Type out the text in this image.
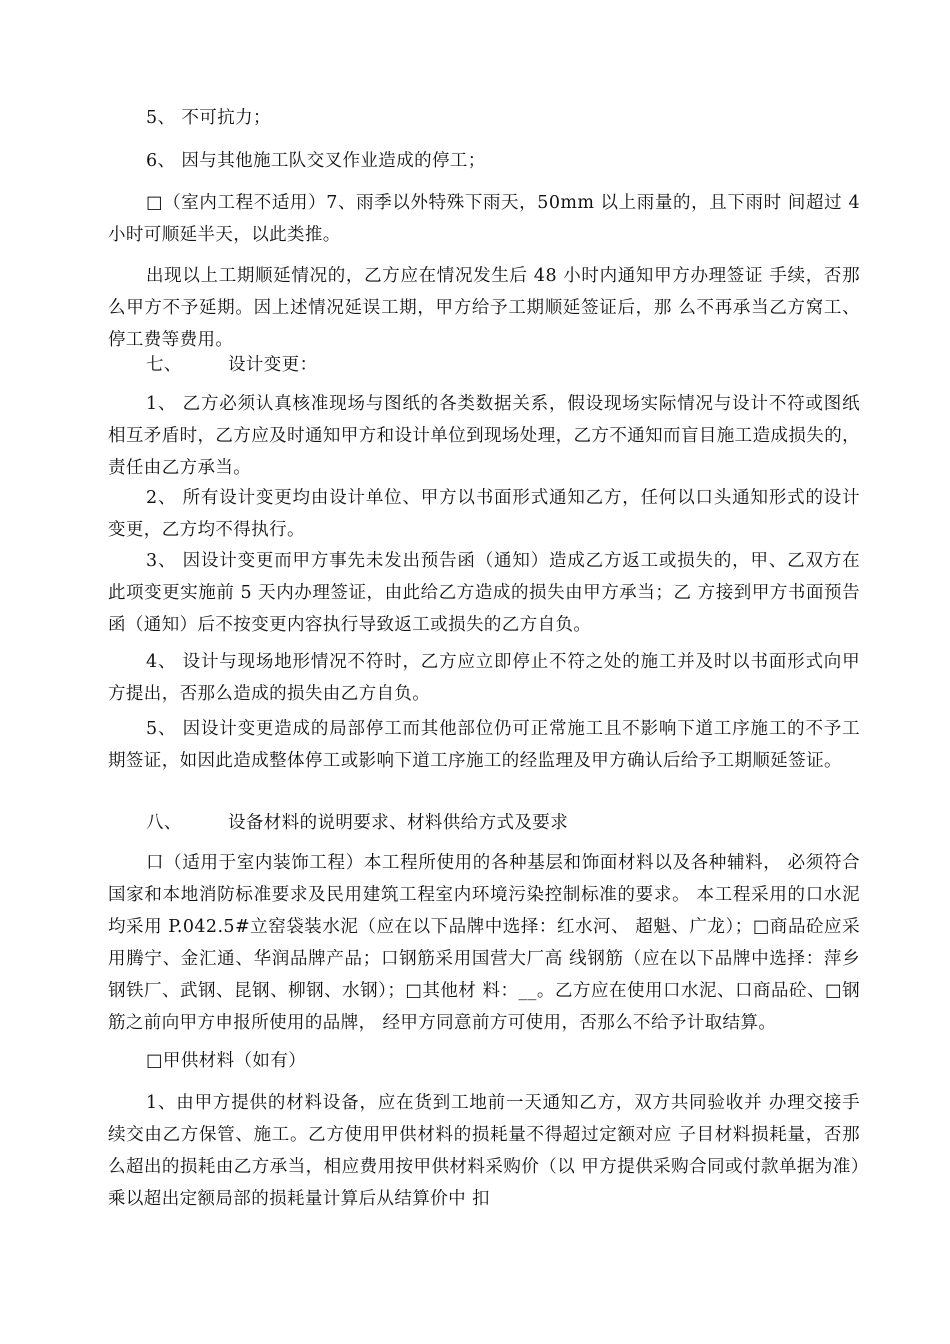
5、 不可抗力；

6、 因与其他施工队交叉作业造成的停工；

□（室内工程不适用）7、雨季以外特殊下雨天，50mm 以上雨量的，且下雨时 间超过 4 小时可顺延半天，以此类推。

出现以上工期顺延情况的，乙方应在情况发生后 48 小时内通知甲方办理签证 手续，否那么甲方不予延期。因上述情况延误工期，甲方给予工期顺延签证后，那 么不再承当乙方窝工、停工费等费用。

七、	设计变更：

1、 乙方必须认真核准现场与图纸的各类数据关系，假设现场实际情况与设计不符或图纸相互矛盾时，乙方应及时通知甲方和设计单位到现场处理，乙方不通知而盲目施工造成损失的，责任由乙方承当。

2、 所有设计变更均由设计单位、甲方以书面形式通知乙方，任何以口头通知形式的设计变更，乙方均不得执行。

3、 因设计变更而甲方事先未发出预告函（通知）造成乙方返工或损失的，甲、乙双方在此项变更实施前 5 天内办理签证，由此给乙方造成的损失由甲方承当；乙 方接到甲方书面预告函（通知）后不按变更内容执行导致返工或损失的乙方自负。

4、 设计与现场地形情况不符时，乙方应立即停止不符之处的施工并及时以书面形式向甲方提出，否那么造成的损失由乙方自负。

5、 因设计变更造成的局部停工而其他部位仍可正常施工且不影响下道工序施工的不予工期签证，如因此造成整体停工或影响下道工序施工的经监理及甲方确认后给予工期顺延签证。

八、	设备材料的说明要求、材料供给方式及要求

口（适用于室内装饰工程）本工程所使用的各种基层和饰面材料以及各种辅料， 必须符合国家和本地消防标准要求及民用建筑工程室内环境污染控制标准的要求。 本工程采用的口水泥均采用 P.042.5#立窑袋装水泥（应在以下品牌中选择：红水河、 超魁、广龙）；□商品砼应采用腾宁、金汇通、华润品牌产品；口钢筋采用国营大厂高 线钢筋（应在以下品牌中选择：萍乡钢铁厂、武钢、昆钢、柳钢、水钢）；□其他材 料：__。乙方应在使用口水泥、口商品砼、□钢筋之前向甲方申报所使用的品牌， 经甲方同意前方可使用，否那么不给予计取结算。

□甲供材料（如有）

1、由甲方提供的材料设备，应在货到工地前一天通知乙方，双方共同验收并 办理交接手续交由乙方保管、施工。乙方使用甲供材料的损耗量不得超过定额对应 子目材料损耗量，否那么超出的损耗由乙方承当，相应费用按甲供材料采购价（以 甲方提供采购合同或付款单据为准）乘以超出定额局部的损耗量计算后从结算价中 扣
